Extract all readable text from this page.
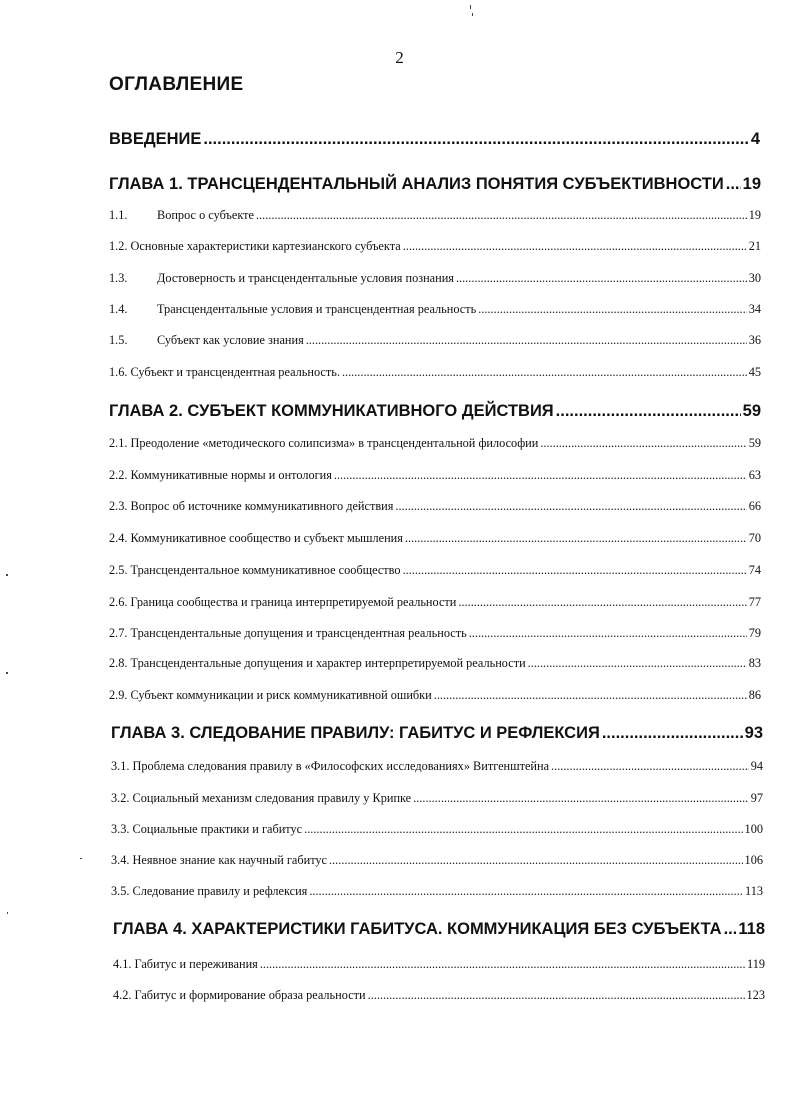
2
ОГЛАВЛЕНИЕ
ВВЕДЕНИЕ .....	4
ГЛАВА 1. ТРАНСЦЕНДЕНТАЛЬНЫЙ АНАЛИЗ ПОНЯТИЯ СУБЪЕКТИВНОСТИ ..... 19
1.1.	Вопрос о субъекте .....	19
1.2. Основные характеристики картезианского субъекта .....	21
1.3.	Достоверность и трансцендентальные условия познания .....	30
1.4.	Трансцендентальные условия и трансцендентная реальность .....	34
1.5.	Субъект как условие знания .....	36
1.6. Субъект и трансцендентная реальность. .....	45
ГЛАВА 2. СУБЪЕКТ КОММУНИКАТИВНОГО ДЕЙСТВИЯ .....	59
2.1. Преодоление «методического солипсизма» в трансцендентальной философии .....	59
2.2. Коммуникативные нормы и онтология .....	63
2.3. Вопрос об источнике коммуникативного действия .....	66
2.4. Коммуникативное сообщество и субъект мышления .....	70
2.5. Трансцендентальное коммуникативное сообщество .....	74
2.6. Граница сообщества и граница интерпретируемой реальности .....	77
2.7. Трансцендентальные допущения и трансцендентная реальность .....	79
2.8. Трансцендентальные допущения и характер интерпретируемой реальности .....	83
2.9. Субъект коммуникации и риск коммуникативной ошибки .....	86
ГЛАВА 3. СЛЕДОВАНИЕ ПРАВИЛУ: ГАБИТУС И РЕФЛЕКСИЯ .....	93
3.1. Проблема следования правилу в «Философских исследованиях» Витгенштейна .....	94
3.2. Социальный механизм следования правилу у Крипке .....	97
3.3. Социальные практики и габитус .....	100
3.4. Неявное знание как научный габитус .....	106
3.5. Следование правилу и рефлексия .....	113
ГЛАВА 4. ХАРАКТЕРИСТИКИ ГАБИТУСА. КОММУНИКАЦИЯ БЕЗ СУБЪЕКТА ..... 118
4.1. Габитус и переживания .....	119
4.2. Габитус и формирование образа реальности .....	123
